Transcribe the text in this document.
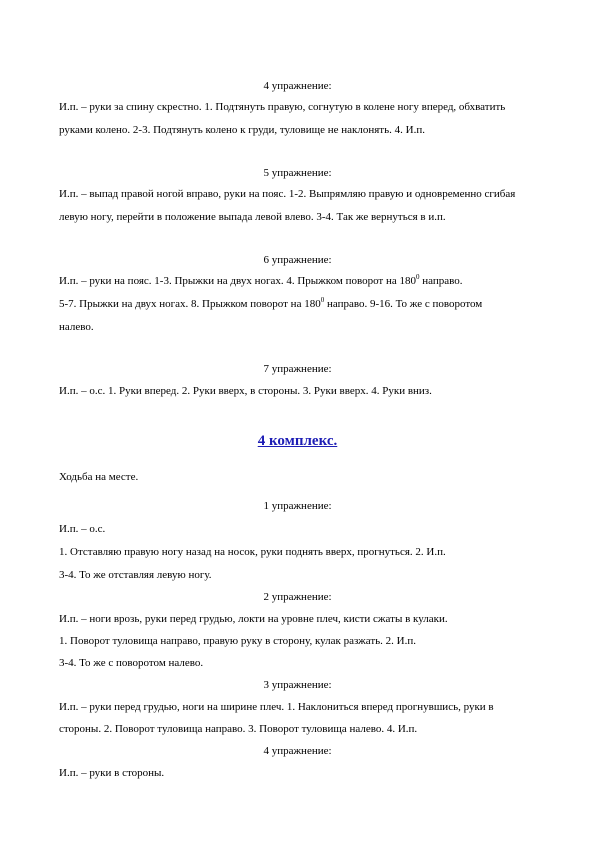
4 упражнение:
И.п. – руки за спину скрестно. 1. Подтянуть правую, согнутую в колене ногу вперед, обхватить
руками колено. 2-3. Подтянуть колено к груди, туловище не наклонять. 4. И.п.
5 упражнение:
И.п. – выпад правой ногой вправо, руки на пояс. 1-2. Выпрямляю правую и одновременно сгибая
левую ногу, перейти в положение выпада левой влево. 3-4. Так же вернуться в и.п.
6 упражнение:
И.п. – руки на пояс. 1-3. Прыжки на двух ногах. 4. Прыжком поворот на $180^0$ направо.
5-7. Прыжки на двух ногах. 8. Прыжком поворот на $180^0$ направо. 9-16. То же с поворотом
налево.
7 упражнение:
И.п. – о.с. 1. Руки вперед. 2. Руки вверх, в стороны. 3. Руки вверх. 4. Руки вниз.
4 комплекс.
Ходьба на месте.
1 упражнение:
И.п. – о.с.
1. Отставляю правую ногу назад на носок, руки поднять вверх, прогнуться. 2. И.п.
3-4. То же отставляя левую ногу.
2 упражнение:
И.п. – ноги врозь, руки перед грудью, локти на уровне плеч, кисти сжаты в кулаки.
1. Поворот туловища направо, правую руку в сторону, кулак разжать. 2. И.п.
3-4. То же с поворотом налево.
3 упражнение:
И.п. – руки перед грудью, ноги на ширине плеч. 1. Наклониться вперед прогнувшись, руки в
стороны. 2. Поворот туловища направо. 3. Поворот туловища налево. 4. И.п.
4 упражнение:
И.п. – руки в стороны.
